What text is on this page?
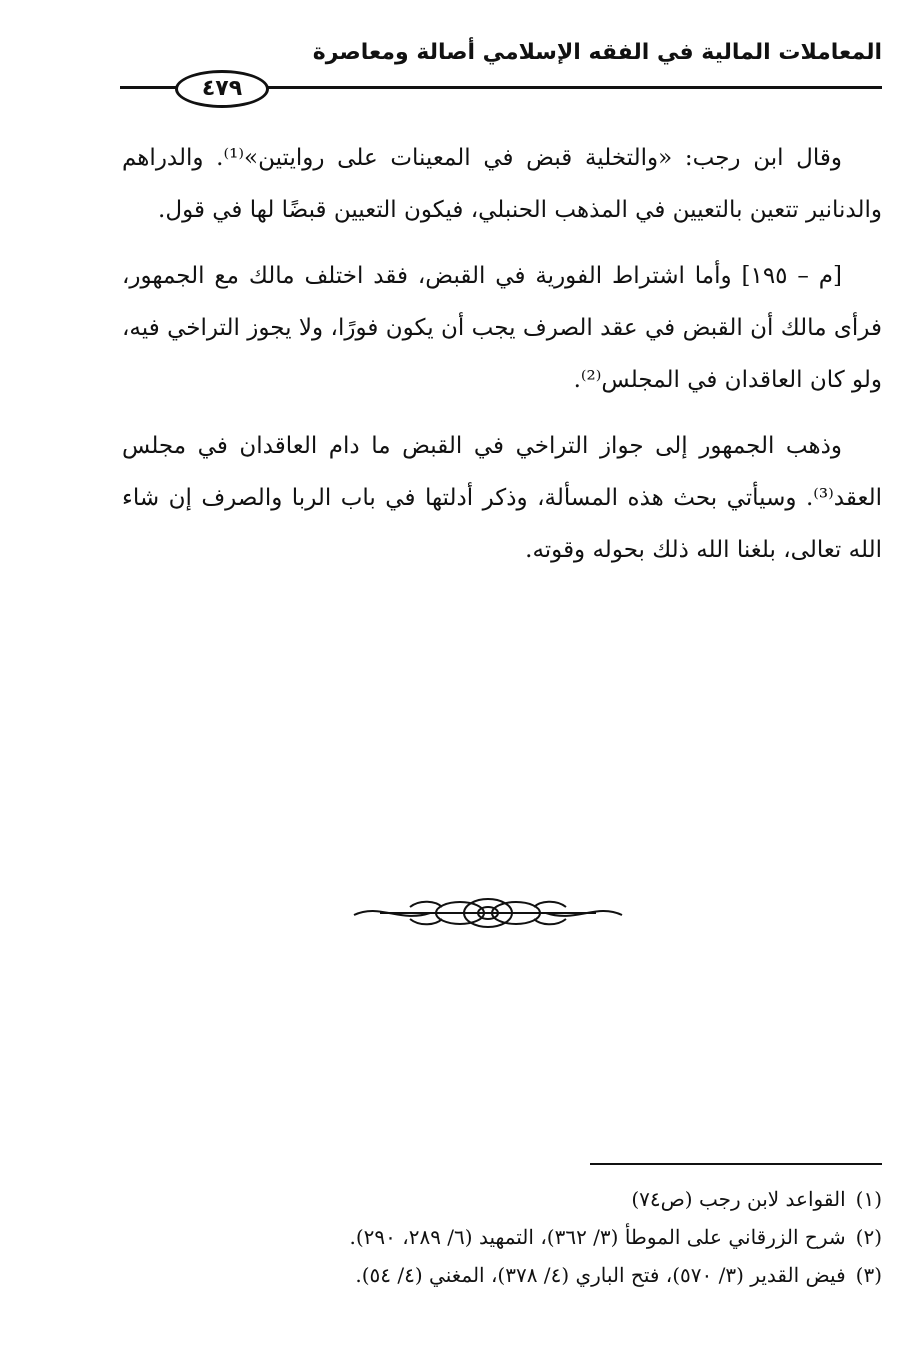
المعاملات المالية في الفقه الإسلامي أصالة ومعاصرة
٤٧٩

وقال ابن رجب: «والتخلية قبض في المعينات على روايتين»⁽¹⁾. والدراهم والدنانير تتعين بالتعيين في المذهب الحنبلي، فيكون التعيين قبضًا لها في قول.

[م – ١٩٥] وأما اشتراط الفورية في القبض، فقد اختلف مالك مع الجمهور، فرأى مالك أن القبض في عقد الصرف يجب أن يكون فورًا، ولا يجوز التراخي فيه، ولو كان العاقدان في المجلس⁽²⁾.

وذهب الجمهور إلى جواز التراخي في القبض ما دام العاقدان في مجلس العقد⁽³⁾. وسيأتي بحث هذه المسألة، وذكر أدلتها في باب الربا والصرف إن شاء الله تعالى، بلغنا الله ذلك بحوله وقوته.

(١)القواعد لابن رجب (ص٧٤)
(٢)شرح الزرقاني على الموطأ (٣/ ٣٦٢)، التمهيد (٦/ ٢٨٩، ٢٩٠).
(٣)فيض القدير (٣/ ٥٧٠)، فتح الباري (٤/ ٣٧٨)، المغني (٤/ ٥٤).
